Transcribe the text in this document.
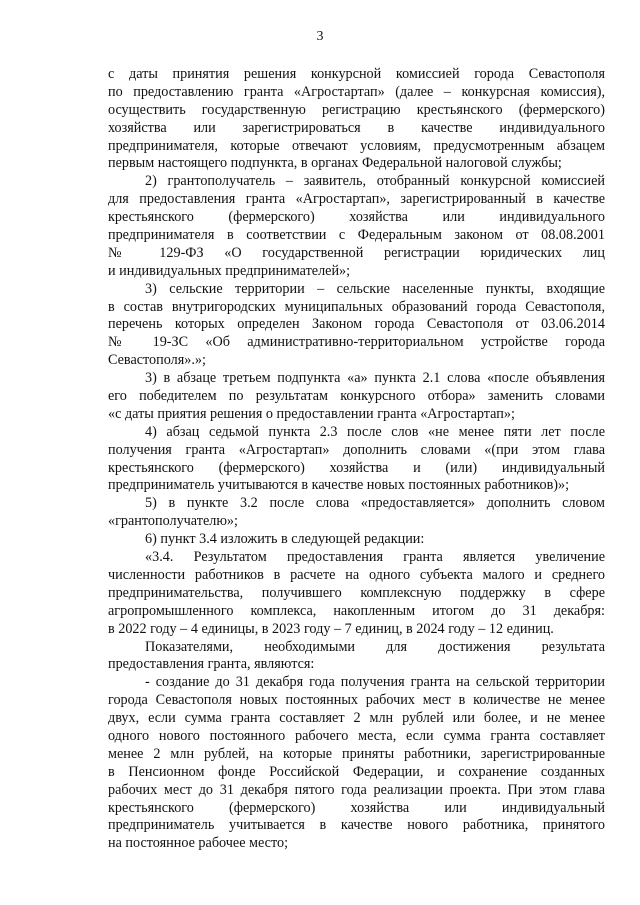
3
с даты принятия решения конкурсной комиссией города Севастополя
по предоставлению гранта «Агростартап» (далее – конкурсная комиссия),
осуществить государственную регистрацию крестьянского (фермерского)
хозяйства или зарегистрироваться в качестве индивидуального
предпринимателя, которые отвечают условиям, предусмотренным абзацем
первым настоящего подпункта, в органах Федеральной налоговой службы;
2) грантополучатель – заявитель, отобранный конкурсной комиссией
для предоставления гранта «Агростартап», зарегистрированный в качестве
крестьянского (фермерского) хозяйства или индивидуального
предпринимателя в соответствии с Федеральным законом от 08.08.2001
№ 129-ФЗ «О государственной регистрации юридических лиц
и индивидуальных предпринимателей»;
3) сельские территории – сельские населенные пункты, входящие
в состав внутригородских муниципальных образований города Севастополя,
перечень которых определен Законом города Севастополя от 03.06.2014
№ 19-ЗС «Об административно-территориальном устройстве города
Севастополя».»;
3) в абзаце третьем подпункта «а» пункта 2.1 слова «после объявления
его победителем по результатам конкурсного отбора» заменить словами
«с даты приятия решения о предоставлении гранта «Агростартап»;
4) абзац седьмой пункта 2.3 после слов «не менее пяти лет после
получения гранта «Агростартап» дополнить словами «(при этом глава
крестьянского (фермерского) хозяйства и (или) индивидуальный
предприниматель учитываются в качестве новых постоянных работников)»;
5) в пункте 3.2 после слова «предоставляется» дополнить словом
«грантополучателю»;
6) пункт 3.4 изложить в следующей редакции:
«3.4. Результатом предоставления гранта является увеличение
численности работников в расчете на одного субъекта малого и среднего
предпринимательства, получившего комплексную поддержку в сфере
агропромышленного комплекса, накопленным итогом до 31 декабря:
в 2022 году – 4 единицы, в 2023 году – 7 единиц, в 2024 году – 12 единиц.
Показателями, необходимыми для достижения результата
предоставления гранта, являются:
- создание до 31 декабря года получения гранта на сельской территории
города Севастополя новых постоянных рабочих мест в количестве не менее
двух, если сумма гранта составляет 2 млн рублей или более, и не менее
одного нового постоянного рабочего места, если сумма гранта составляет
менее 2 млн рублей, на которые приняты работники, зарегистрированные
в Пенсионном фонде Российской Федерации, и сохранение созданных
рабочих мест до 31 декабря пятого года реализации проекта. При этом глава
крестьянского (фермерского) хозяйства или индивидуальный
предприниматель учитывается в качестве нового работника, принятого
на постоянное рабочее место;
